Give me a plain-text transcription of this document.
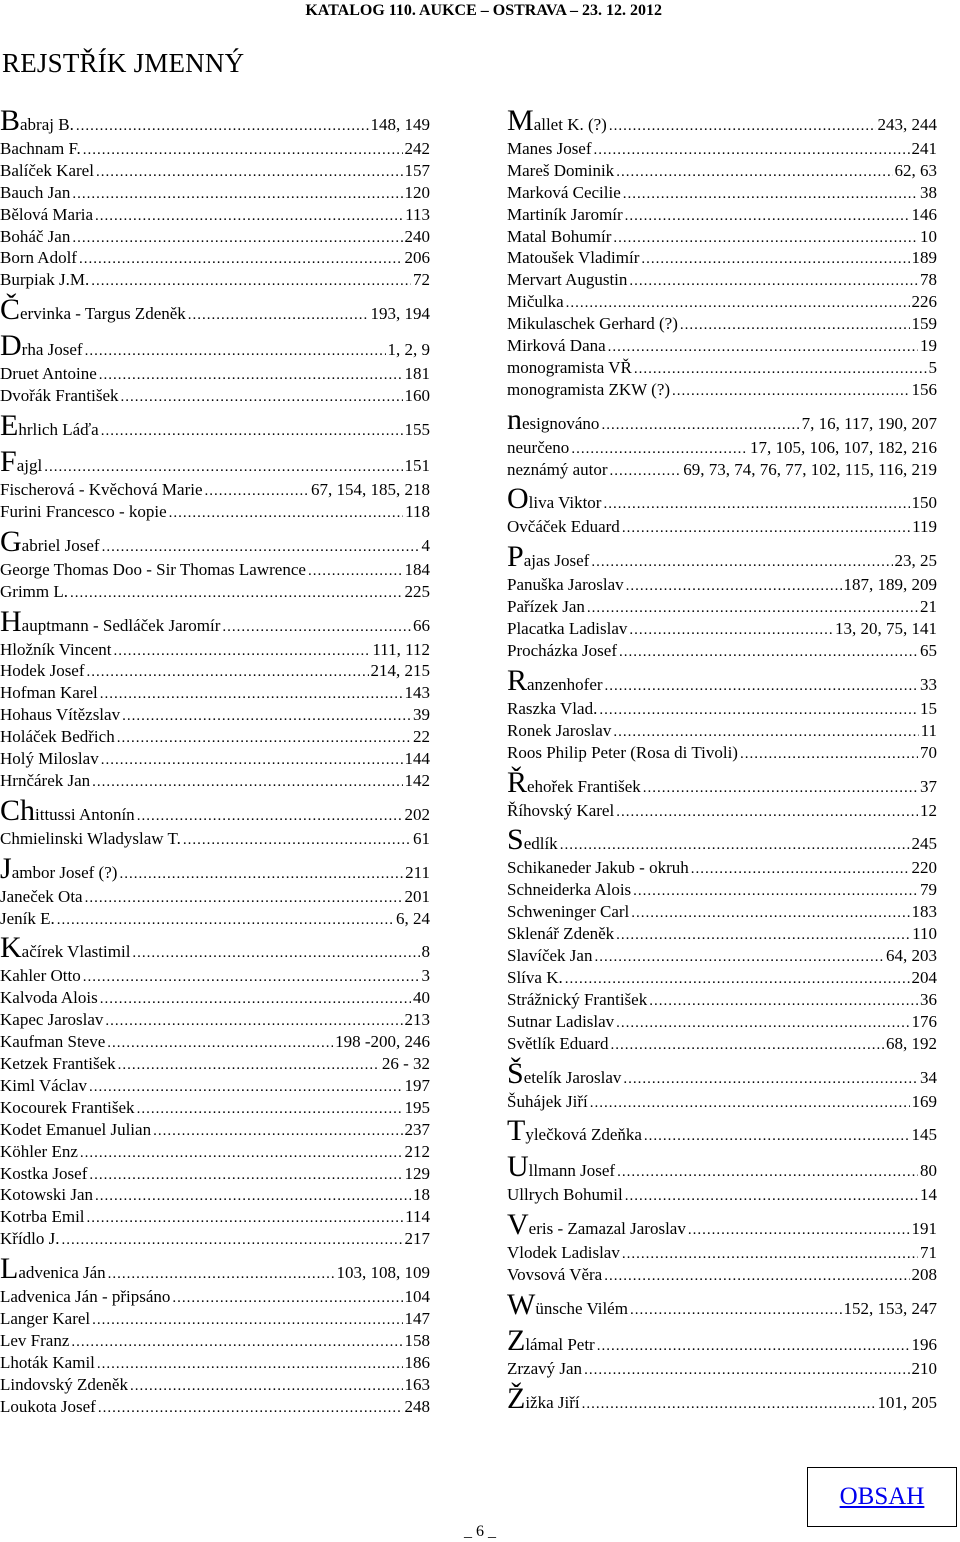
KATALOG 110. AUKCE – OSTRAVA – 23. 12. 2012
REJSTŘÍK JMENNÝ
Babraj B. .....	148, 149
Bachnam F. .....	242
Balíček Karel .....	157
Bauch Jan .....	120
Bělová Maria .....	113
Boháč Jan .....	240
Born Adolf .....	206
Burpiak J.M. .....	72
Červinka - Targus Zdeněk .....	193, 194
Drha Josef .....	1, 2, 9
Druet Antoine .....	181
Dvořák František .....	160
Ehrlich Láďa .....	155
Fajgl .....	151
Fischerová - Kvěchová Marie .....	67, 154, 185, 218
Furini Francesco - kopie .....	118
Gabriel Josef .....	4
George Thomas Doo - Sir Thomas Lawrence .....	184
Grimm L. .....	225
Hauptmann - Sedláček Jaromír .....	66
Hložník Vincent .....	111, 112
Hodek Josef .....	214, 215
Hofman Karel .....	143
Hohaus Vítězslav .....	39
Holáček Bedřich .....	22
Holý Miloslav .....	144
Hrnčárek Jan .....	142
Chittussi Antonín .....	202
Chmielinski Wladyslaw T. .....	61
Jambor Josef (?) .....	211
Janeček Ota .....	201
Jeník E. .....	6, 24
Kačírek Vlastimil .....	8
Kahler Otto .....	3
Kalvoda Alois .....	40
Kapec Jaroslav .....	213
Kaufman Steve .....	198 -200, 246
Ketzek František .....	26 - 32
Kiml Václav .....	197
Kocourek František .....	195
Kodet Emanuel Julian .....	237
Köhler Enz .....	212
Kostka Josef .....	129
Kotowski Jan .....	18
Kotrba Emil .....	114
Křídlo J. .....	217
Ladvenica Ján .....	103, 108, 109
Ladvenica Ján - připsáno .....	104
Langer Karel .....	147
Lev Franz .....	158
Lhoták Kamil .....	186
Lindovský Zdeněk .....	163
Loukota Josef .....	248
Mallet K. (?) .....	243, 244
Manes Josef .....	241
Mareš Dominik .....	62, 63
Marková Cecilie .....	38
Martiník Jaromír .....	146
Matal Bohumír .....	10
Matoušek Vladimír .....	189
Mervart Augustin .....	78
Mičulka .....	226
Mikulaschek Gerhard (?) .....	159
Mirková Dana .....	19
monogramista VŘ .....	5
monogramista ZKW (?) .....	156
nesignováno .....	7, 16, 117, 190, 207
neurčeno .....	17, 105, 106, 107, 182, 216
neznámý autor .....	69, 73, 74, 76, 77, 102, 115, 116, 219
Oliva Viktor .....	150
Ovčáček Eduard .....	119
Pajas Josef .....	23, 25
Panuška Jaroslav .....	187, 189, 209
Pařízek Jan .....	21
Placatka Ladislav .....	13, 20, 75, 141
Procházka Josef .....	65
Ranzenhofer .....	33
Raszka Vlad. .....	15
Ronek Jaroslav .....	11
Roos Philip Peter (Rosa di Tivoli) .....	70
Řehořek František .....	37
Říhovský Karel .....	12
Sedlík .....	245
Schikaneder Jakub - okruh .....	220
Schneiderka Alois .....	79
Schweninger Carl .....	183
Sklenář Zdeněk .....	110
Slavíček Jan .....	64, 203
Slíva K. .....	204
Strážnický František .....	36
Sutnar Ladislav .....	176
Světlík Eduard .....	68, 192
Šetelík Jaroslav .....	34
Šuhájek Jiří .....	169
Tylečková Zdeňka .....	145
Ullmann Josef .....	80
Ullrych Bohumil .....	14
Veris - Zamazal Jaroslav .....	191
Vlodek Ladislav .....	71
Vovsová Věra .....	208
Wünsche Vilém .....	152, 153, 247
Zlámal Petr .....	196
Zrzavý Jan .....	210
Žižka Jiří .....	101, 205
OBSAH
_ 6 _
